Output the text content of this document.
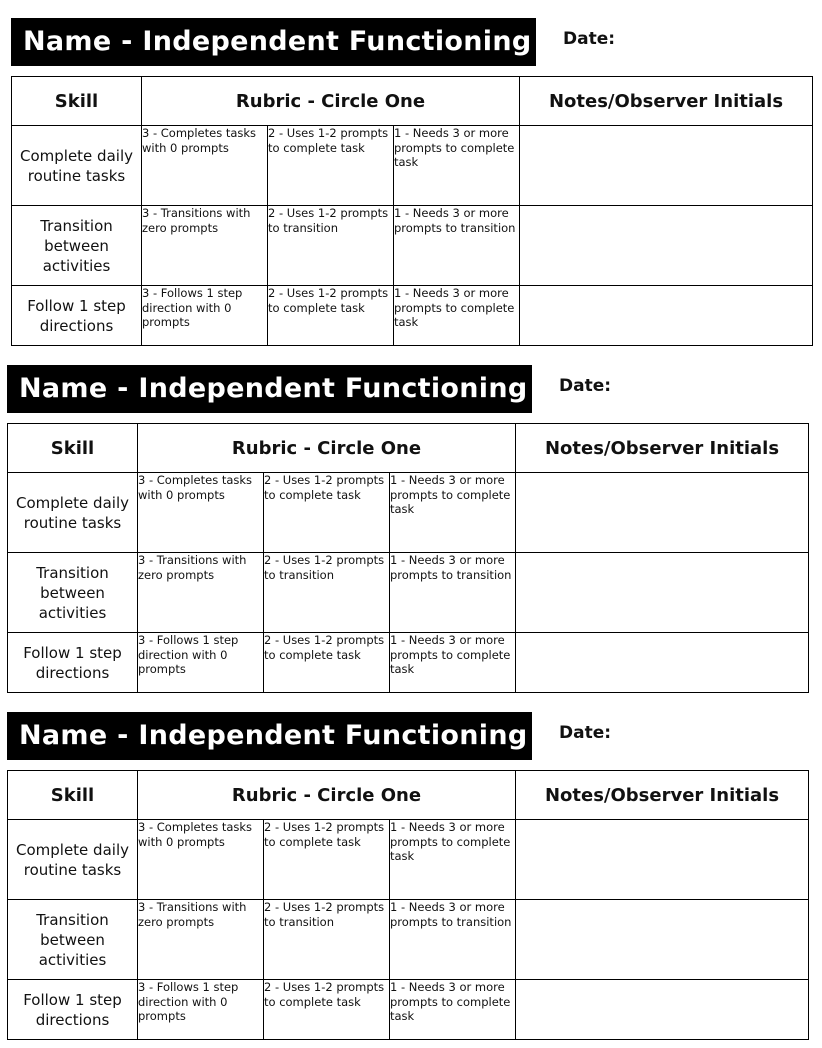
Name - Independent Functioning Date:
Skill	Rubric - Circle One			Notes/Observer Initials
Complete daily routine tasks	3 - Completes tasks with 0 prompts	2 - Uses 1-2 prompts to complete task	1 - Needs 3 or more prompts to complete task	
Transition between activities	3 - Transitions with zero prompts	2 - Uses 1-2 prompts to transition	1 - Needs 3 or more prompts to transition	
Follow 1 step directions	3 - Follows 1 step direction with 0 prompts	2 - Uses 1-2 prompts to complete task	1 - Needs 3 or more prompts to complete task	
Name - Independent Functioning Date:
Skill	Rubric - Circle One			Notes/Observer Initials
Complete daily routine tasks	3 - Completes tasks with 0 prompts	2 - Uses 1-2 prompts to complete task	1 - Needs 3 or more prompts to complete task	
Transition between activities	3 - Transitions with zero prompts	2 - Uses 1-2 prompts to transition	1 - Needs 3 or more prompts to transition	
Follow 1 step directions	3 - Follows 1 step direction with 0 prompts	2 - Uses 1-2 prompts to complete task	1 - Needs 3 or more prompts to complete task	
Name - Independent Functioning Date:
Skill	Rubric - Circle One			Notes/Observer Initials
Complete daily routine tasks	3 - Completes tasks with 0 prompts	2 - Uses 1-2 prompts to complete task	1 - Needs 3 or more prompts to complete task	
Transition between activities	3 - Transitions with zero prompts	2 - Uses 1-2 prompts to transition	1 - Needs 3 or more prompts to transition	
Follow 1 step directions	3 - Follows 1 step direction with 0 prompts	2 - Uses 1-2 prompts to complete task	1 - Needs 3 or more prompts to complete task	
